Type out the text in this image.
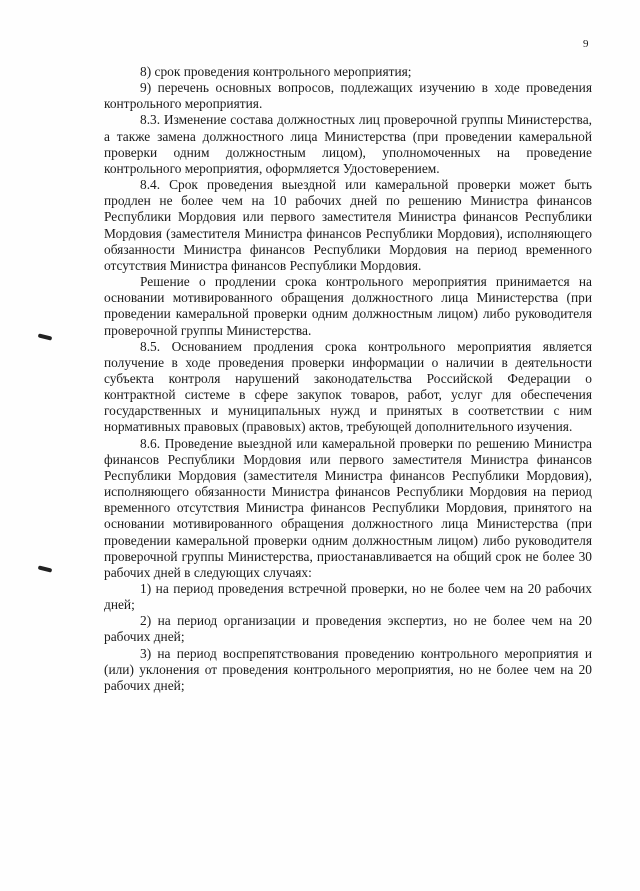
9

8) срок проведения контрольного мероприятия;

9) перечень основных вопросов, подлежащих изучению в ходе проведения контрольного мероприятия.

8.3. Изменение состава должностных лиц проверочной группы Министерства, а также замена должностного лица Министерства (при проведении камеральной проверки одним должностным лицом), уполномоченных на проведение контрольного мероприятия, оформляется Удостоверением.

8.4. Срок проведения выездной или камеральной проверки может быть продлен не более чем на 10 рабочих дней по решению Министра финансов Республики Мордовия или первого заместителя Министра финансов Республики Мордовия (заместителя Министра финансов Республики Мордовия), исполняющего обязанности Министра финансов Республики Мордовия на период временного отсутствия Министра финансов Республики Мордовия.

Решение о продлении срока контрольного мероприятия принимается на основании мотивированного обращения должностного лица Министерства (при проведении камеральной проверки одним должностным лицом) либо руководителя проверочной группы Министерства.

8.5. Основанием продления срока контрольного мероприятия является получение в ходе проведения проверки информации о наличии в деятельности субъекта контроля нарушений законодательства Российской Федерации о контрактной системе в сфере закупок товаров, работ, услуг для обеспечения государственных и муниципальных нужд и принятых в соответствии с ним нормативных правовых (правовых) актов, требующей дополнительного изучения.

8.6. Проведение выездной или камеральной проверки по решению Министра финансов Республики Мордовия или первого заместителя Министра финансов Республики Мордовия (заместителя Министра финансов Республики Мордовия), исполняющего обязанности Министра финансов Республики Мордовия на период временного отсутствия Министра финансов Республики Мордовия, принятого на основании мотивированного обращения должностного лица Министерства (при проведении камеральной проверки одним должностным лицом) либо руководителя проверочной группы Министерства, приостанавливается на общий срок не более 30 рабочих дней в следующих случаях:

1) на период проведения встречной проверки, но не более чем на 20 рабочих дней;

2) на период организации и проведения экспертиз, но не более чем на 20 рабочих дней;

3) на период воспрепятствования проведению контрольного мероприятия и (или) уклонения от проведения контрольного мероприятия, но не более чем на 20 рабочих дней;
